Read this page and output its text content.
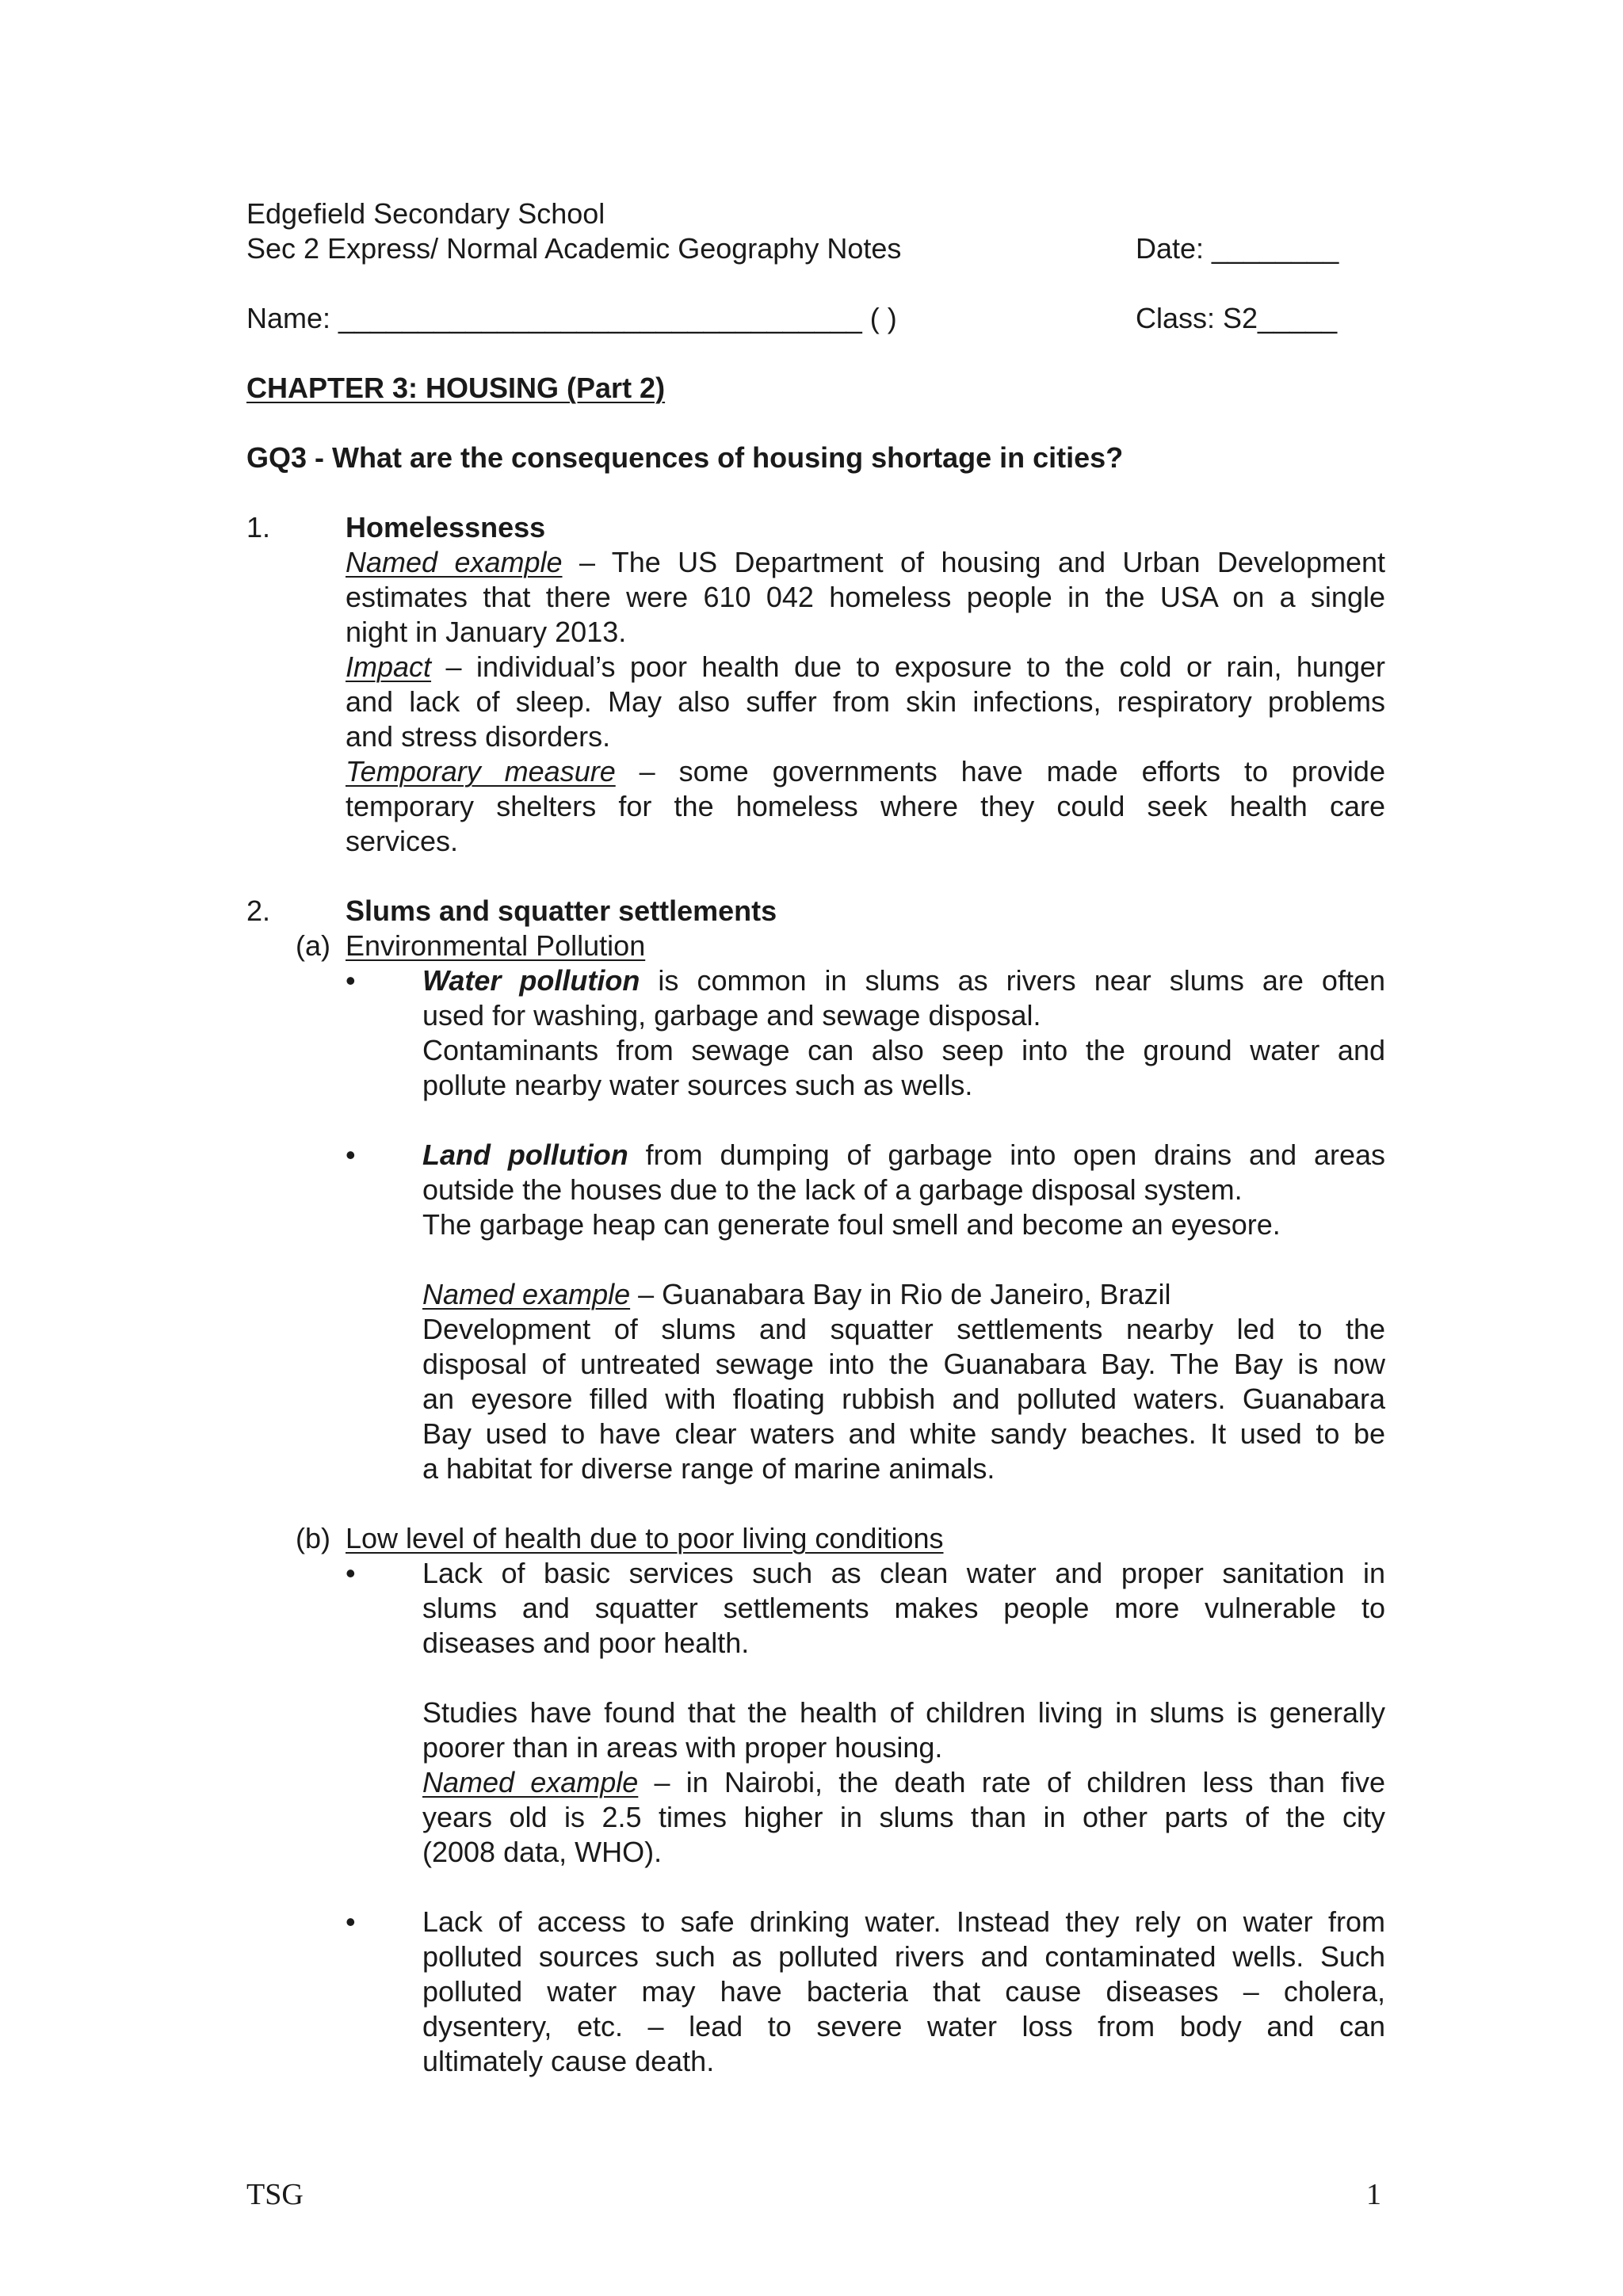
Edgefield Secondary School
Sec 2 Express/ Normal Academic Geography Notes	Date: ________
Name: _________________________________ ( )	Class: S2_____
CHAPTER 3: HOUSING (Part 2)
GQ3 - What are the consequences of housing shortage in cities?
1.	Homelessness
Named example – The US Department of housing and Urban Development
estimates that there were 610 042 homeless people in the USA on a single
night in January 2013.
Impact – individual’s poor health due to exposure to the cold or rain, hunger
and lack of sleep. May also suffer from skin infections, respiratory problems
and stress disorders.
Temporary measure – some governments have made efforts to provide
temporary shelters for the homeless where they could seek health care
services.
2.	Slums and squatter settlements
(a) Environmental Pollution
• Water pollution is common in slums as rivers near slums are often
used for washing, garbage and sewage disposal.
Contaminants from sewage can also seep into the ground water and
pollute nearby water sources such as wells.
• Land pollution from dumping of garbage into open drains and areas
outside the houses due to the lack of a garbage disposal system.
The garbage heap can generate foul smell and become an eyesore.
Named example – Guanabara Bay in Rio de Janeiro, Brazil
Development of slums and squatter settlements nearby led to the
disposal of untreated sewage into the Guanabara Bay. The Bay is now
an eyesore filled with floating rubbish and polluted waters. Guanabara
Bay used to have clear waters and white sandy beaches. It used to be
a habitat for diverse range of marine animals.
(b) Low level of health due to poor living conditions
• Lack of basic services such as clean water and proper sanitation in
slums and squatter settlements makes people more vulnerable to
diseases and poor health.
Studies have found that the health of children living in slums is generally
poorer than in areas with proper housing.
Named example – in Nairobi, the death rate of children less than five
years old is 2.5 times higher in slums than in other parts of the city
(2008 data, WHO).
• Lack of access to safe drinking water. Instead they rely on water from
polluted sources such as polluted rivers and contaminated wells. Such
polluted water may have bacteria that cause diseases – cholera,
dysentery, etc. – lead to severe water loss from body and can
ultimately cause death.
TSG	1
